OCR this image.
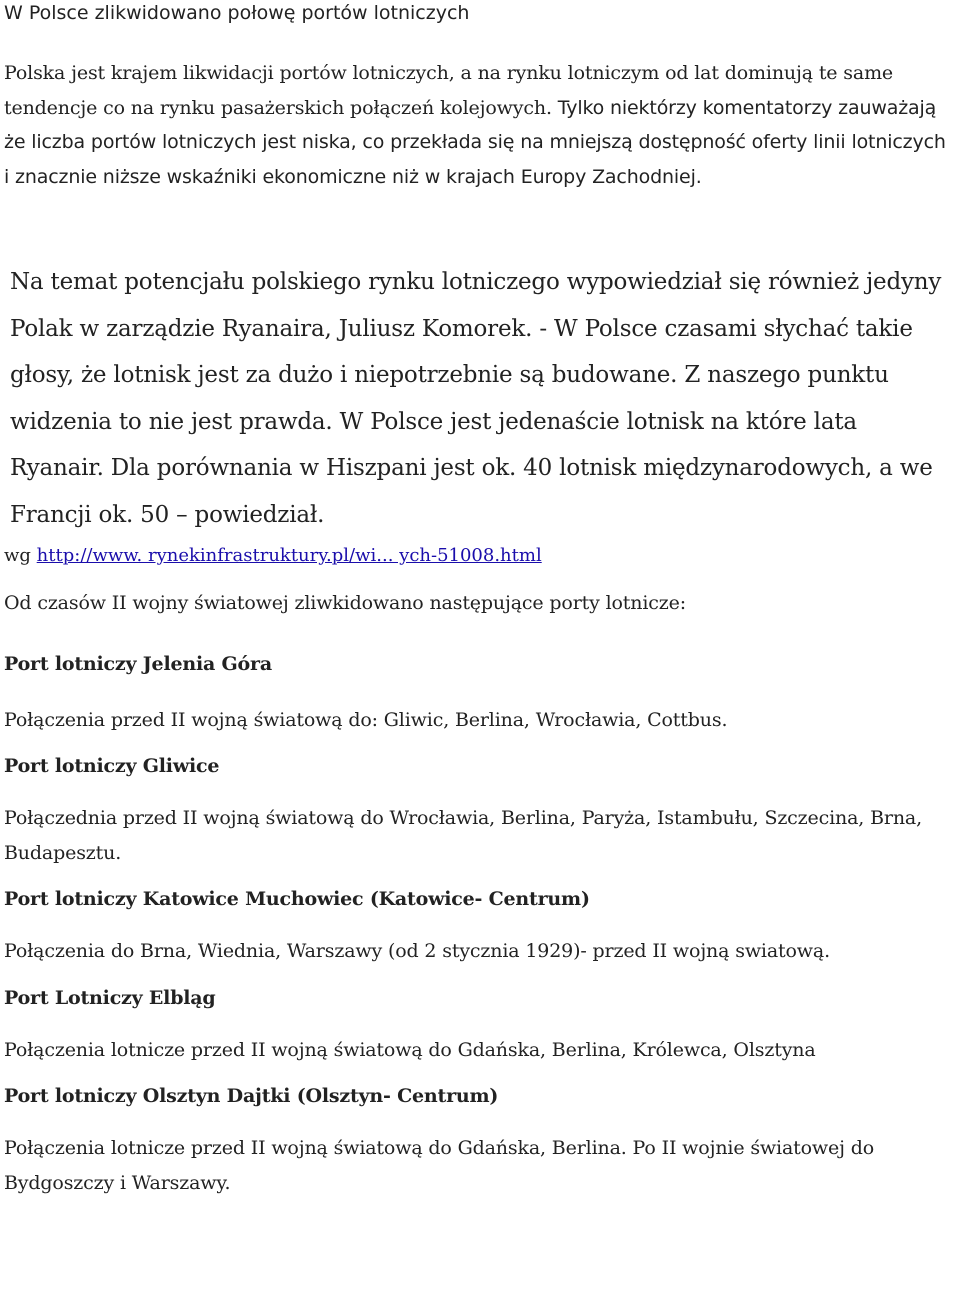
W Polsce zlikwidowano połowę portów lotniczych

Polska jest krajem likwidacji portów lotniczych, a na rynku lotniczym od lat dominują te same tendencje co na rynku pasażerskich połączeń kolejowych. Tylko niektórzy komentatorzy zauważają że liczba portów lotniczych jest niska, co przekłada się na mniejszą dostępność oferty linii lotniczych i znacznie niższe wskaźniki ekonomiczne niż w krajach Europy Zachodniej.

Na temat potencjału polskiego rynku lotniczego wypowiedział się również jedyny Polak w zarządzie Ryanaira, Juliusz Komorek. - W Polsce czasami słychać takie głosy, że lotnisk jest za dużo i niepotrzebnie są budowane. Z naszego punktu widzenia to nie jest prawda. W Polsce jest jedenaście lotnisk na które lata Ryanair. Dla porównania w Hiszpani jest ok. 40 lotnisk międzynarodowych, a we Francji ok. 50 – powiedział.

wg http://www. rynekinfrastruktury.pl/wi... ych-51008.html

Od czasów II wojny światowej zliwkidowano następujące porty lotnicze:

Port lotniczy Jelenia Góra

Połączenia przed II wojną światową do: Gliwic, Berlina, Wrocławia, Cottbus.

Port lotniczy Gliwice

Połączednia przed II wojną światową do Wrocławia, Berlina, Paryża, Istambułu, Szczecina, Brna, Budapesztu.

Port lotniczy Katowice Muchowiec (Katowice- Centrum)

Połączenia do Brna, Wiednia, Warszawy (od 2 stycznia 1929)- przed II wojną swiatową.

Port Lotniczy Elbląg

Połączenia lotnicze przed II wojną światową do Gdańska, Berlina, Królewca, Olsztyna

Port lotniczy Olsztyn Dajtki (Olsztyn- Centrum)

Połączenia lotnicze przed II wojną światową do Gdańska, Berlina. Po II wojnie światowej do Bydgoszczy i Warszawy.
